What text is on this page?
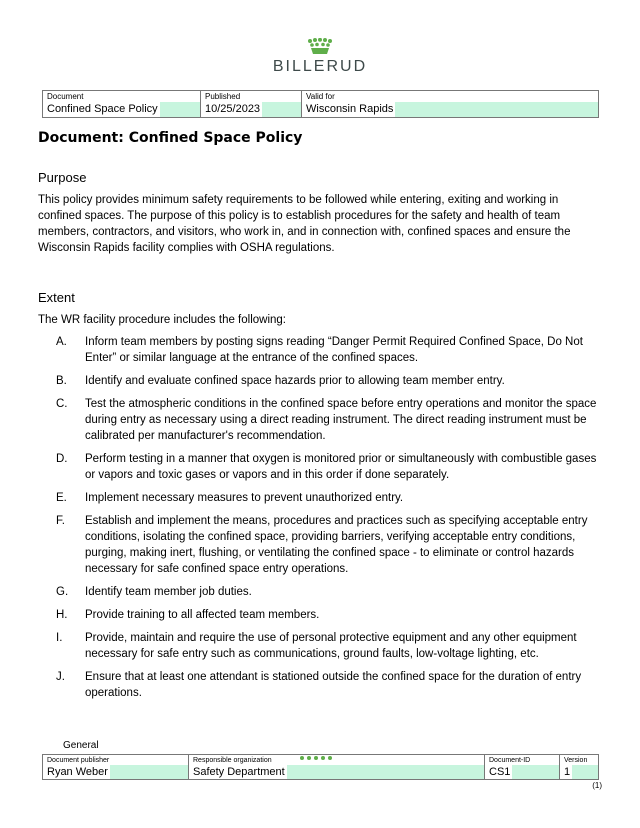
BILLERUD
Document
Confined Space Policy

Published
10/25/2023

Valid for
Wisconsin Rapids
Document: Confined Space Policy
Purpose

This policy provides minimum safety requirements to be followed while entering, exiting and working in confined spaces. The purpose of this policy is to establish procedures for the safety and health of team members, contractors, and visitors, who work in, and in connection with, confined spaces and ensure the Wisconsin Rapids facility complies with OSHA regulations.

Extent

The WR facility procedure includes the following:

A. Inform team members by posting signs reading “Danger Permit Required Confined Space, Do Not Enter” or similar language at the entrance of the confined spaces.
B. Identify and evaluate confined space hazards prior to allowing team member entry.
C. Test the atmospheric conditions in the confined space before entry operations and monitor the space during entry as necessary using a direct reading instrument. The direct reading instrument must be calibrated per manufacturer's recommendation.
D. Perform testing in a manner that oxygen is monitored prior or simultaneously with combustible gases or vapors and toxic gases or vapors and in this order if done separately.
E. Implement necessary measures to prevent unauthorized entry.
F. Establish and implement the means, procedures and practices such as specifying acceptable entry conditions, isolating the confined space, providing barriers, verifying acceptable entry conditions, purging, making inert, flushing, or ventilating the confined space - to eliminate or control hazards necessary for safe confined space entry operations.
G. Identify team member job duties.
H. Provide training to all affected team members.
I. Provide, maintain and require the use of personal protective equipment and any other equipment necessary for safe entry such as communications, ground faults, low-voltage lighting, etc.
J. Ensure that at least one attendant is stationed outside the confined space for the duration of entry operations.
General
Document publisher
Ryan Weber

Responsible organization
Safety Department

Document-ID
CS1

Version
1
(1)
